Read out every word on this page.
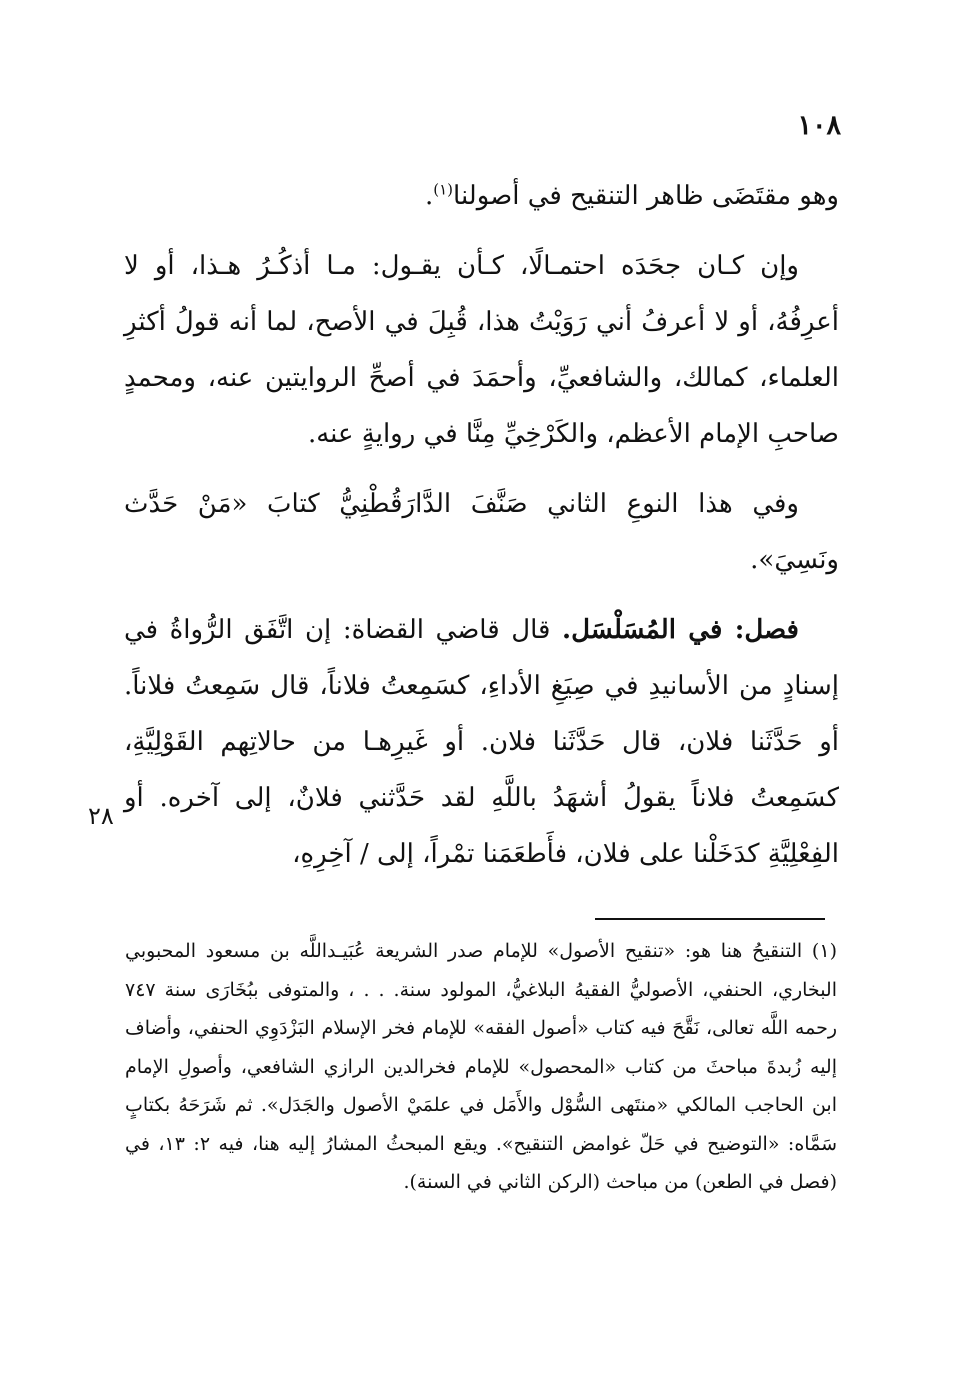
١٠٨

وهو مقتَضَى ظاهر التنقيح في أصولنا$^{(١)}$.

وإن كـان جحَدَه احتمـالًا، كـأن يقـول: مـا أذكُـرُ هـذا، أو لا أعرِفُهُ، أو لا أعرفُ أني رَوَيْتُ هذا، قُبِلَ في الأصح، لما أنه قولُ أكثرِ العلماء، كمالك، والشافعيِّ، وأحمَدَ في أصحِّ الروايتين عنه، ومحمدٍ صاحبِ الإمام الأعظم، والكَرْخِيِّ مِنَّا في روايةٍ عنه.

وفي هذا النوعِ الثاني صَنَّفَ الدَّارَقُطْنِيُّ كتابَ «مَنْ حَدَّث ونَسِيَ».

فصل: في المُسَلْسَل. قال قاضي القضاة: إن اتَّفَق الرُّواةُ في إسنادٍ من الأسانيدِ في صِيَغِ الأداءِ، كسَمِعتُ فلاناً، قال سَمِعتُ فلاناً. أو حَدَّثَنا فلان، قال حَدَّثَنا فلان. أو غَيرِهـا من حالاتِهم القَوْلِيَّةِ، كسَمِعتُ فلاناً يقولُ أشهَدُ باللَّهِ لقد حَدَّثني فلانٌ، إلى آخره. أو الفِعْلِيَّةِ كدَخَلْنا على فلان، فأَطعَمَنا تمْراً، إلى / آخِرِهِ،

٢٨

(١) التنقيحُ هنا هو: «تنقيح الأصول» للإمام صدر الشريعة عُبَيـداللَّه بن مسعود المحبوبي البخاري، الحنفي، الأصوليُّ الفقيهُ البلاغيُّ، المولود سنة. . . ، والمتوفى ببُخَارَى سنة ٧٤٧ رحمه اللَّه تعالى، نَقَّحَ فيه كتاب «أصول الفقه» للإمام فخر الإسلام البَزْدَوِي الحنفي، وأضاف إليه زُبدةَ مباحثَ من كتاب «المحصول» للإمام فخرالدين الرازي الشافعي، وأصولِ الإمام ابن الحاجب المالكي «منتَهى السُّوْل والأَمَل في علمَيْ الأصول والجَدَل». ثم شَرَحَهُ بكتابٍ سَمَّاه: «التوضيح في حَلّ غوامض التنقيح». ويقع المبحثُ المشارُ إليه هنا، فيه ٢: ١٣، في (فصل في الطعن) من مباحث (الركن الثاني في السنة).
